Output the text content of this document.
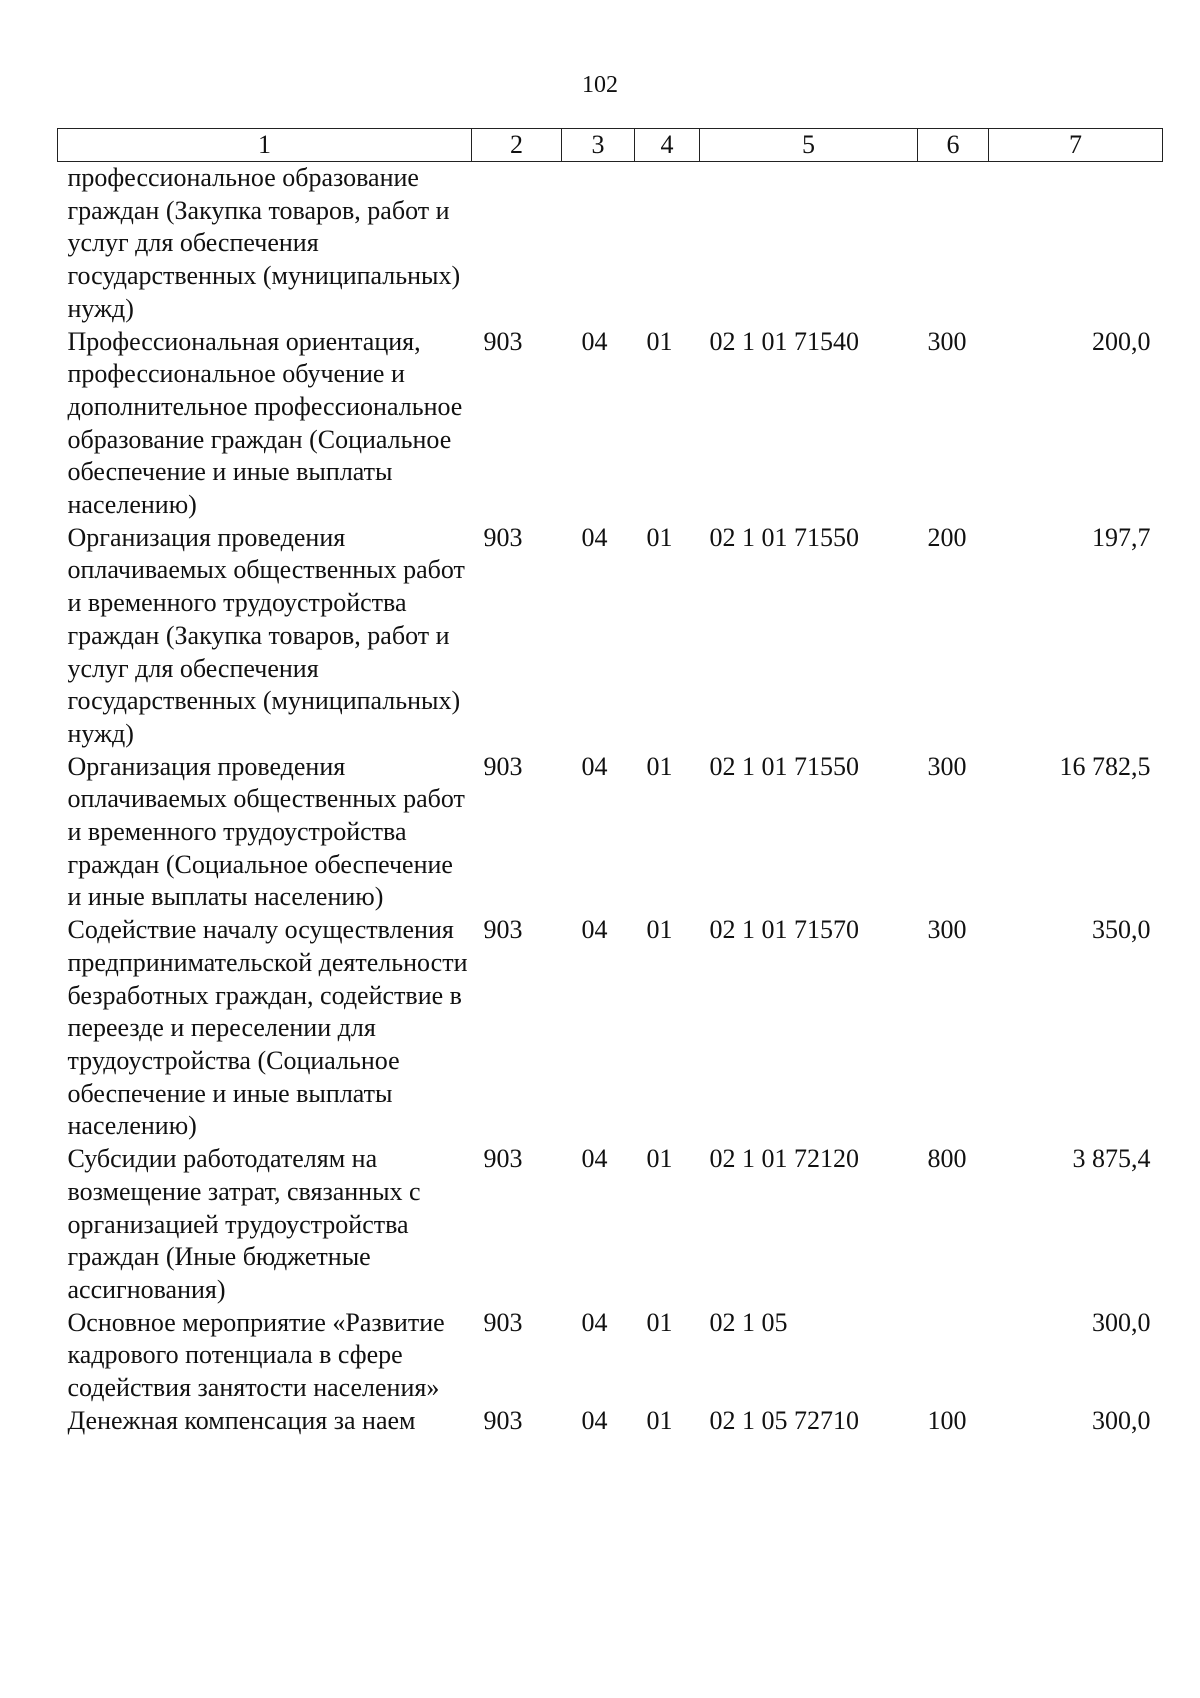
102
1	2	3	4	5	6	7
профессиональное образование граждан (Закупка товаров, работ и услуг для обеспечения государственных (муниципальных) нужд)						
Профессиональная ориентация, профессиональное обучение и дополнительное профессиональное образование граждан (Социальное обеспечение и иные выплаты населению)	903	04	01	02 1 01 71540	300	200,0
Организация проведения оплачиваемых общественных работ и временного трудоустройства граждан (Закупка товаров, работ и услуг для обеспечения государственных (муниципальных) нужд)	903	04	01	02 1 01 71550	200	197,7
Организация проведения оплачиваемых общественных работ и временного трудоустройства граждан (Социальное обеспечение и иные выплаты населению)	903	04	01	02 1 01 71550	300	16 782,5
Содействие началу осуществления предпринимательской деятельности безработных граждан, содействие в переезде и переселении для трудоустройства (Социальное обеспечение и иные выплаты населению)	903	04	01	02 1 01 71570	300	350,0
Субсидии работодателям на возмещение затрат, связанных с организацией трудоустройства граждан (Иные бюджетные ассигнования)	903	04	01	02 1 01 72120	800	3 875,4
Основное мероприятие «Развитие кадрового потенциала в сфере содействия занятости населения»	903	04	01	02 1 05		300,0
Денежная компенсация за наем	903	04	01	02 1 05 72710	100	300,0
